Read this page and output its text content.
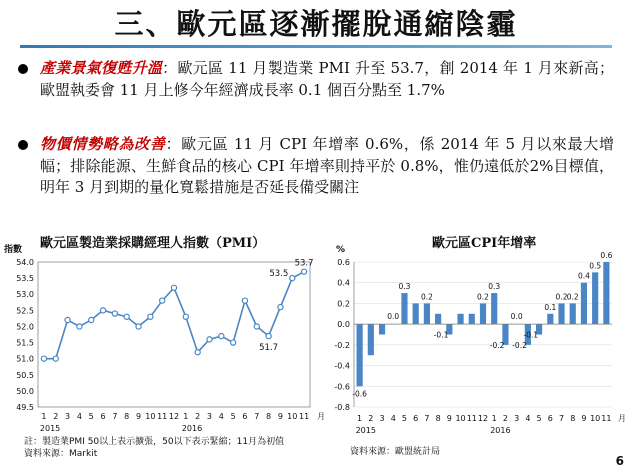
三、歐元區逐漸擺脫通縮陰霾
產業景氣復甦升溫：歐元區 11 月製造業 PMI 升至 53.7，創 2014 年 1 月來新高；歐盟執委會 11 月上修今年經濟成長率 0.1 個百分點至 1.7%
物價情勢略為改善：歐元區 11 月 CPI 年增率 0.6%，係 2014 年 5 月以來最大增幅；排除能源、生鮮食品的核心 CPI 年增率則持平於 0.8%，惟仍遠低於2%目標值，明年 3 月到期的量化寬鬆措施是否延長備受關注
歐元區製造業採購經理人指數（PMI）	歐元區CPI年增率
指數
54.0
53.5
53.0
52.5
52.0
51.5
51.0
50.5
50.0
49.5
1 2 3 4 5 6 7 8 9 10 11 12 1 2 3 4 5 6 7 8 9 10 11 月
2015	2016
53.7
53.5
51.7
%
0.6
0.4
0.2
0.0
-0.2
-0.4
-0.6
-0.8
-0.6
0.0
0.3
0.2
-0.1
0.2
0.3
-0.2
0.0
-0.2
-0.1
0.1
0.2 0.2
0.4
0.5
0.6
1 2 3 4 5 6 7 8 9 10 11 12 1 2 3 4 5 6 7 8 9 10 11 月
2015	2016
註：製造業PMI 50以上表示擴張，50以下表示緊縮；11月為初值
資料來源：Markit	資料來源：歐盟統計局
6
